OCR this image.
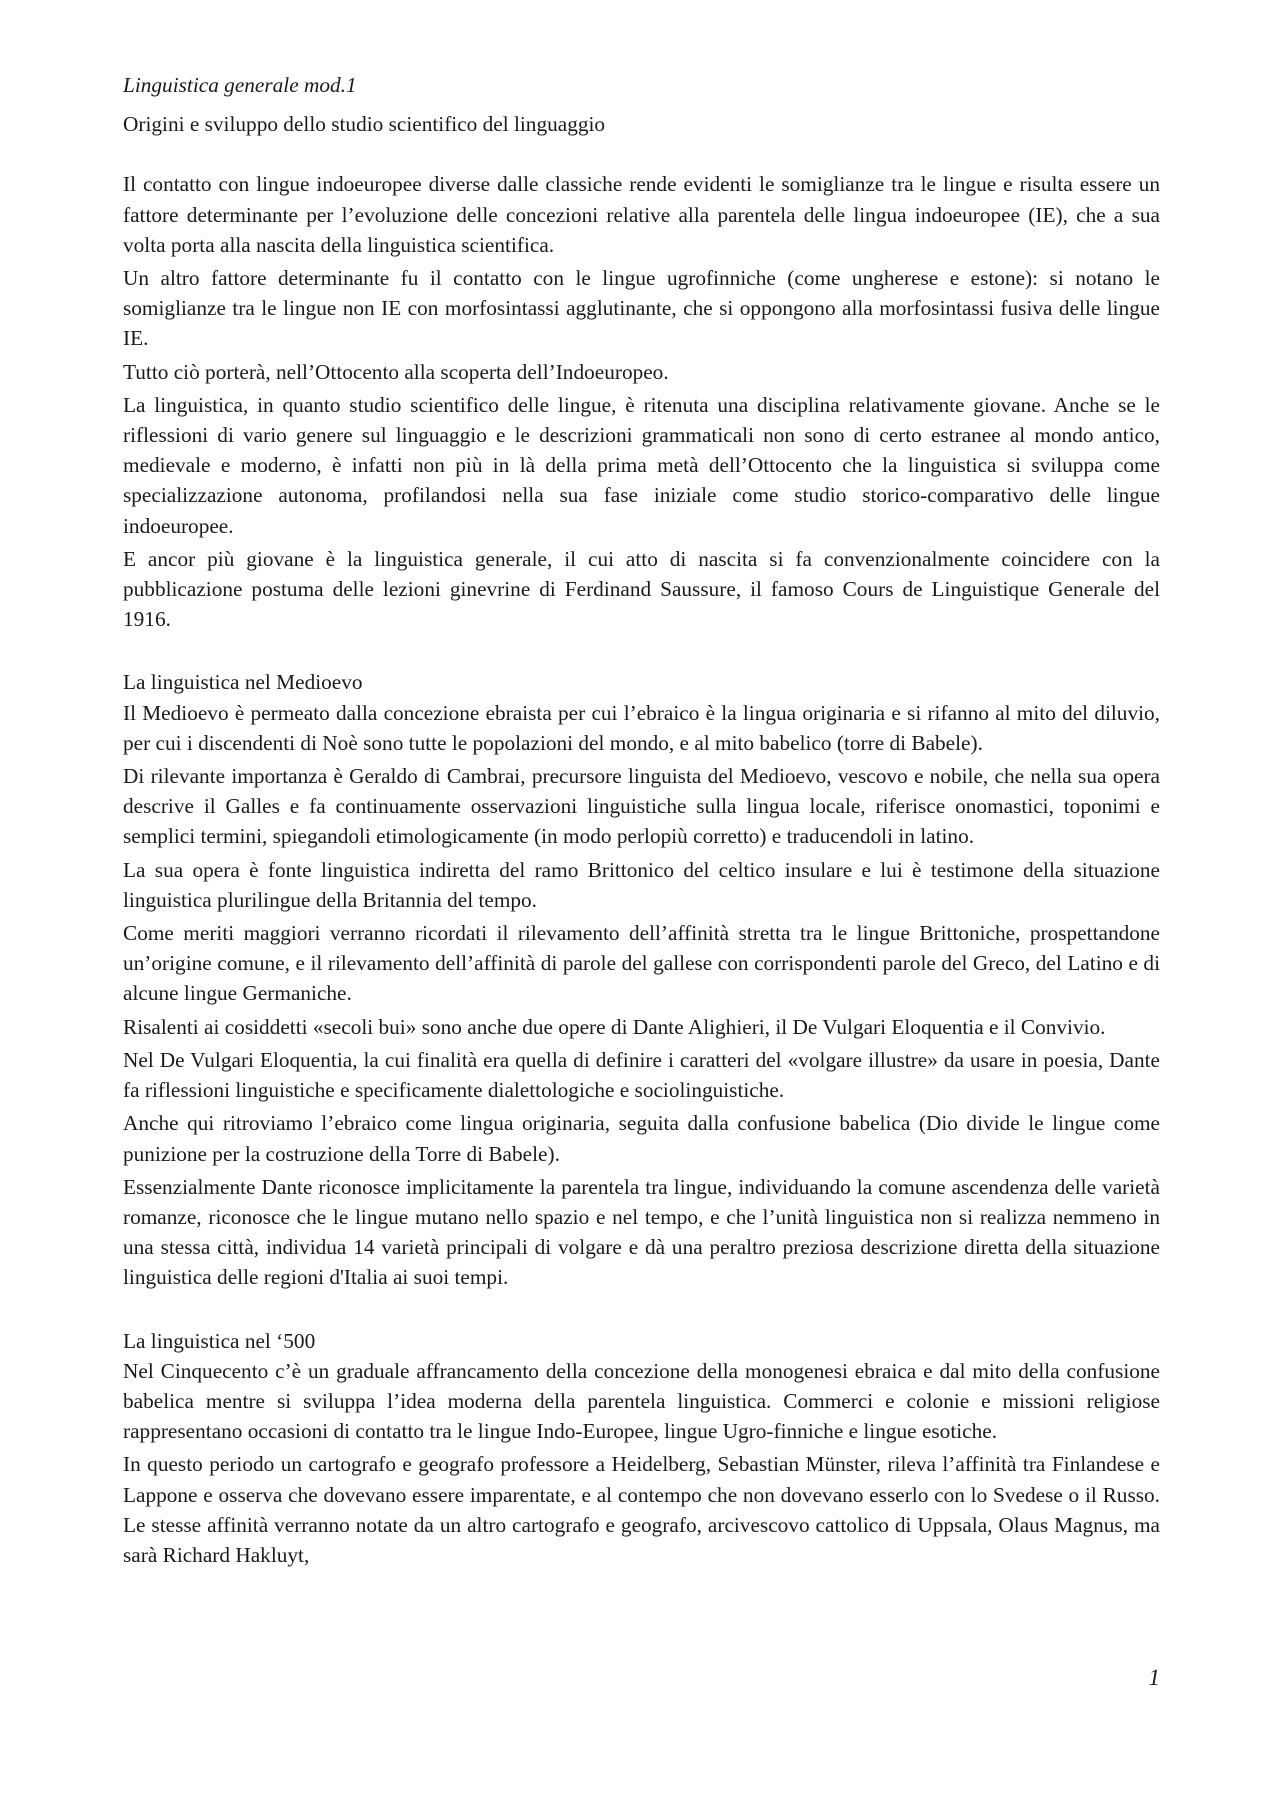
Linguistica generale mod.1

Origini e sviluppo dello studio scientifico del linguaggio

Il contatto con lingue indoeuropee diverse dalle classiche rende evidenti le somiglianze tra le lingue e risulta essere un fattore determinante per l’evoluzione delle concezioni relative alla parentela delle lingua indoeuropee (IE), che a sua volta porta alla nascita della linguistica scientifica.

Un altro fattore determinante fu il contatto con le lingue ugrofinniche (come ungherese e estone): si notano le somiglianze tra le lingue non IE con morfosintassi agglutinante, che si oppongono alla morfosintassi fusiva delle lingue IE.

Tutto ciò porterà, nell’Ottocento alla scoperta dell’Indoeuropeo.

La linguistica, in quanto studio scientifico delle lingue, è ritenuta una disciplina relativamente giovane. Anche se le riflessioni di vario genere sul linguaggio e le descrizioni grammaticali non sono di certo estranee al mondo antico, medievale e moderno, è infatti non più in là della prima metà dell’Ottocento che la linguistica si sviluppa come specializzazione autonoma, profilandosi nella sua fase iniziale come studio storico-comparativo delle lingue indoeuropee.

E ancor più giovane è la linguistica generale, il cui atto di nascita si fa convenzionalmente coincidere con la pubblicazione postuma delle lezioni ginevrine di Ferdinand Saussure, il famoso Cours de Linguistique Generale del 1916.

La linguistica nel Medioevo

Il Medioevo è permeato dalla concezione ebraista per cui l’ebraico è la lingua originaria e si rifanno al mito del diluvio, per cui i discendenti di Noè sono tutte le popolazioni del mondo, e al mito babelico (torre di Babele).

Di rilevante importanza è Geraldo di Cambrai, precursore linguista del Medioevo, vescovo e nobile, che nella sua opera descrive il Galles e fa continuamente osservazioni linguistiche sulla lingua locale, riferisce onomastici, toponimi e semplici termini, spiegandoli etimologicamente (in modo perlopiù corretto) e traducendoli in latino.

La sua opera è fonte linguistica indiretta del ramo Brittonico del celtico insulare e lui è testimone della situazione linguistica plurilingue della Britannia del tempo.

Come meriti maggiori verranno ricordati il rilevamento dell’affinità stretta tra le lingue Brittoniche, prospettandone un’origine comune, e il rilevamento dell’affinità di parole del gallese con corrispondenti parole del Greco, del Latino e di alcune lingue Germaniche.

Risalenti ai cosiddetti «secoli bui» sono anche due opere di Dante Alighieri, il De Vulgari Eloquentia e il Convivio.

Nel De Vulgari Eloquentia, la cui finalità era quella di definire i caratteri del «volgare illustre» da usare in poesia, Dante fa riflessioni linguistiche e specificamente dialettologiche e sociolinguistiche.

Anche qui ritroviamo l’ebraico come lingua originaria, seguita dalla confusione babelica (Dio divide le lingue come punizione per la costruzione della Torre di Babele).

Essenzialmente Dante riconosce implicitamente la parentela tra lingue, individuando la comune ascendenza delle varietà romanze, riconosce che le lingue mutano nello spazio e nel tempo, e che l’unità linguistica non si realizza nemmeno in una stessa città, individua 14 varietà principali di volgare e dà una peraltro preziosa descrizione diretta della situazione linguistica delle regioni d'Italia ai suoi tempi.

La linguistica nel ‘500

Nel Cinquecento c’è un graduale affrancamento della concezione della monogenesi ebraica e dal mito della confusione babelica mentre si sviluppa l’idea moderna della parentela linguistica. Commerci e colonie e missioni religiose rappresentano occasioni di contatto tra le lingue Indo-Europee, lingue Ugro-finniche e lingue esotiche.

In questo periodo un cartografo e geografo professore a Heidelberg, Sebastian Münster, rileva l’affinità tra Finlandese e Lappone e osserva che dovevano essere imparentate, e al contempo che non dovevano esserlo con lo Svedese o il Russo. Le stesse affinità verranno notate da un altro cartografo e geografo, arcivescovo cattolico di Uppsala, Olaus Magnus, ma sarà Richard Hakluyt,

1
